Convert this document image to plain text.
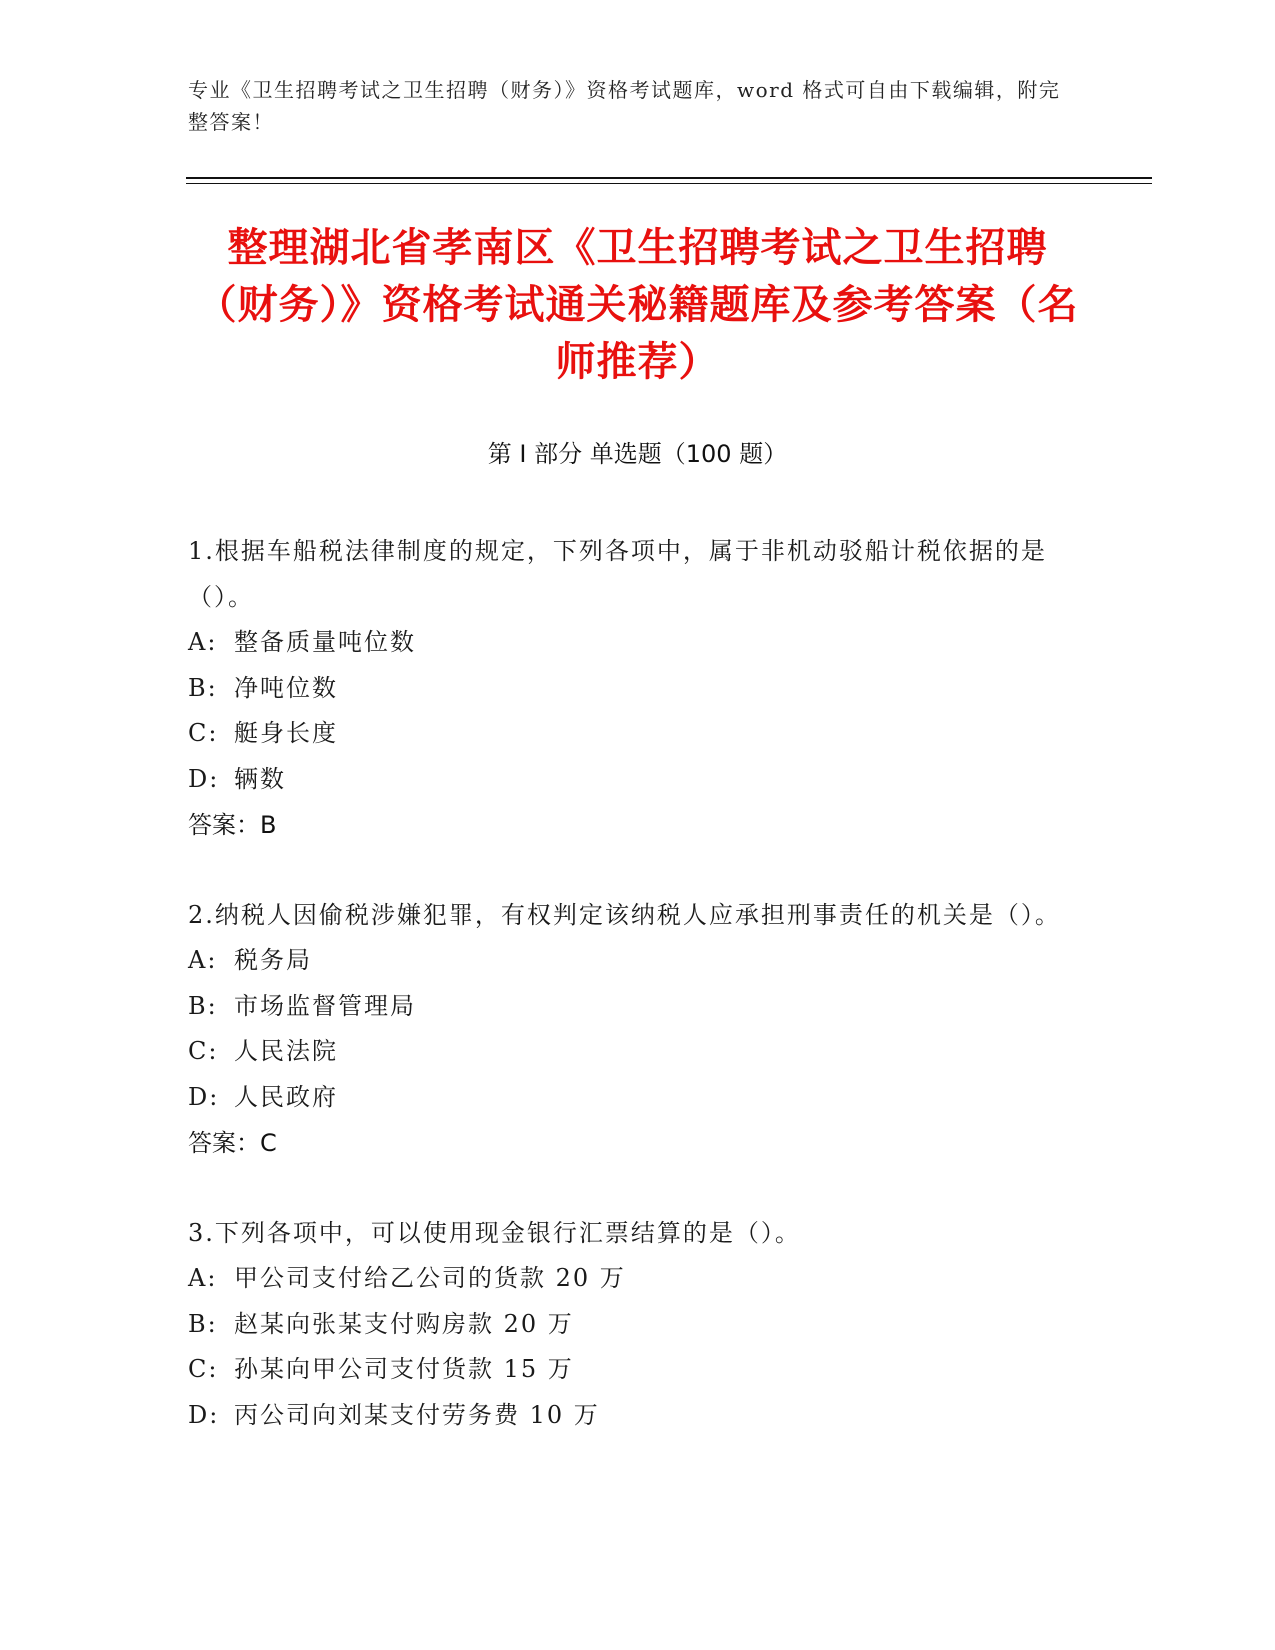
专业《卫生招聘考试之卫生招聘（财务）》资格考试题库，word 格式可自由下载编辑，附完整答案！
整理湖北省孝南区《卫生招聘考试之卫生招聘（财务）》资格考试通关秘籍题库及参考答案（名师推荐）
第 I 部分 单选题（100 题）

1.根据车船税法律制度的规定，下列各项中，属于非机动驳船计税依据的是（）。

A: 整备质量吨位数

B: 净吨位数

C: 艇身长度

D: 辆数

答案：B

2.纳税人因偷税涉嫌犯罪，有权判定该纳税人应承担刑事责任的机关是（）。

A: 税务局

B: 市场监督管理局

C: 人民法院

D: 人民政府

答案：C

3.下列各项中，可以使用现金银行汇票结算的是（）。

A: 甲公司支付给乙公司的货款 20 万

B: 赵某向张某支付购房款 20 万

C: 孙某向甲公司支付货款 15 万

D: 丙公司向刘某支付劳务费 10 万
